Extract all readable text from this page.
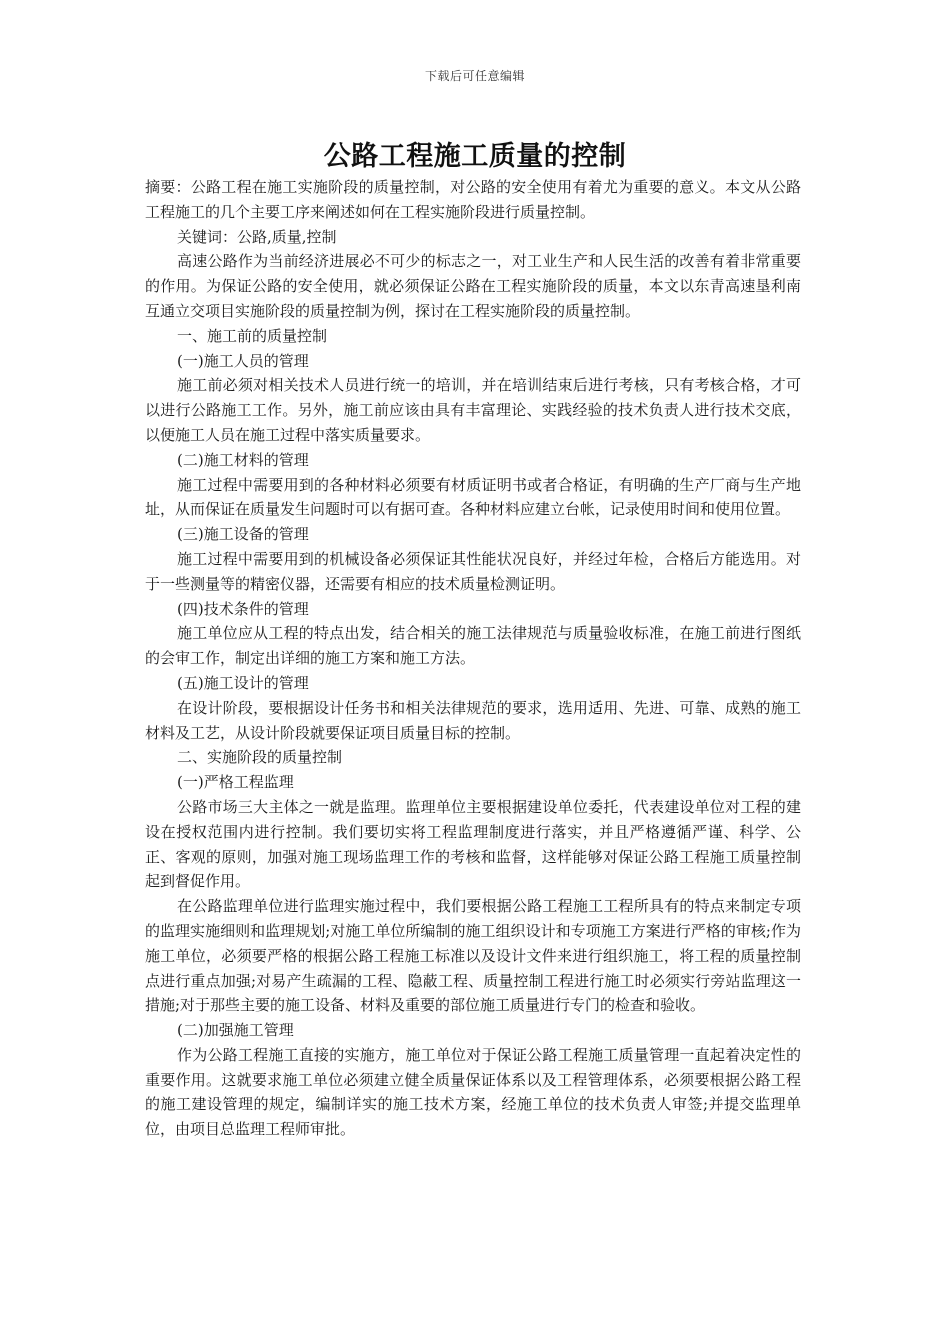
下载后可任意编辑
公路工程施工质量的控制

摘要：公路工程在施工实施阶段的质量控制，对公路的安全使用有着尤为重要的意义。本文从公路工程施工的几个主要工序来阐述如何在工程实施阶段进行质量控制。

关键词：公路,质量,控制

高速公路作为当前经济进展必不可少的标志之一，对工业生产和人民生活的改善有着非常重要的作用。为保证公路的安全使用，就必须保证公路在工程实施阶段的质量，本文以东青高速垦利南互通立交项目实施阶段的质量控制为例，探讨在工程实施阶段的质量控制。

一、施工前的质量控制

(一)施工人员的管理

施工前必须对相关技术人员进行统一的培训，并在培训结束后进行考核，只有考核合格，才可以进行公路施工工作。另外，施工前应该由具有丰富理论、实践经验的技术负责人进行技术交底，以便施工人员在施工过程中落实质量要求。

(二)施工材料的管理

施工过程中需要用到的各种材料必须要有材质证明书或者合格证，有明确的生产厂商与生产地址，从而保证在质量发生问题时可以有据可查。各种材料应建立台帐，记录使用时间和使用位置。

(三)施工设备的管理

施工过程中需要用到的机械设备必须保证其性能状况良好，并经过年检，合格后方能选用。对于一些测量等的精密仪器，还需要有相应的技术质量检测证明。

(四)技术条件的管理

施工单位应从工程的特点出发，结合相关的施工法律规范与质量验收标准，在施工前进行图纸的会审工作，制定出详细的施工方案和施工方法。

(五)施工设计的管理

在设计阶段，要根据设计任务书和相关法律规范的要求，选用适用、先进、可靠、成熟的施工材料及工艺，从设计阶段就要保证项目质量目标的控制。

二、实施阶段的质量控制

(一)严格工程监理

公路市场三大主体之一就是监理。监理单位主要根据建设单位委托，代表建设单位对工程的建设在授权范围内进行控制。我们要切实将工程监理制度进行落实，并且严格遵循严谨、科学、公正、客观的原则，加强对施工现场监理工作的考核和监督，这样能够对保证公路工程施工质量控制起到督促作用。

在公路监理单位进行监理实施过程中，我们要根据公路工程施工工程所具有的特点来制定专项的监理实施细则和监理规划;对施工单位所编制的施工组织设计和专项施工方案进行严格的审核;作为施工单位，必须要严格的根据公路工程施工标准以及设计文件来进行组织施工，将工程的质量控制点进行重点加强;对易产生疏漏的工程、隐蔽工程、质量控制工程进行施工时必须实行旁站监理这一措施;对于那些主要的施工设备、材料及重要的部位施工质量进行专门的检查和验收。

(二)加强施工管理

作为公路工程施工直接的实施方，施工单位对于保证公路工程施工质量管理一直起着决定性的重要作用。这就要求施工单位必须建立健全质量保证体系以及工程管理体系，必须要根据公路工程的施工建设管理的规定，编制详实的施工技术方案，经施工单位的技术负责人审签;并提交监理单位，由项目总监理工程师审批。
